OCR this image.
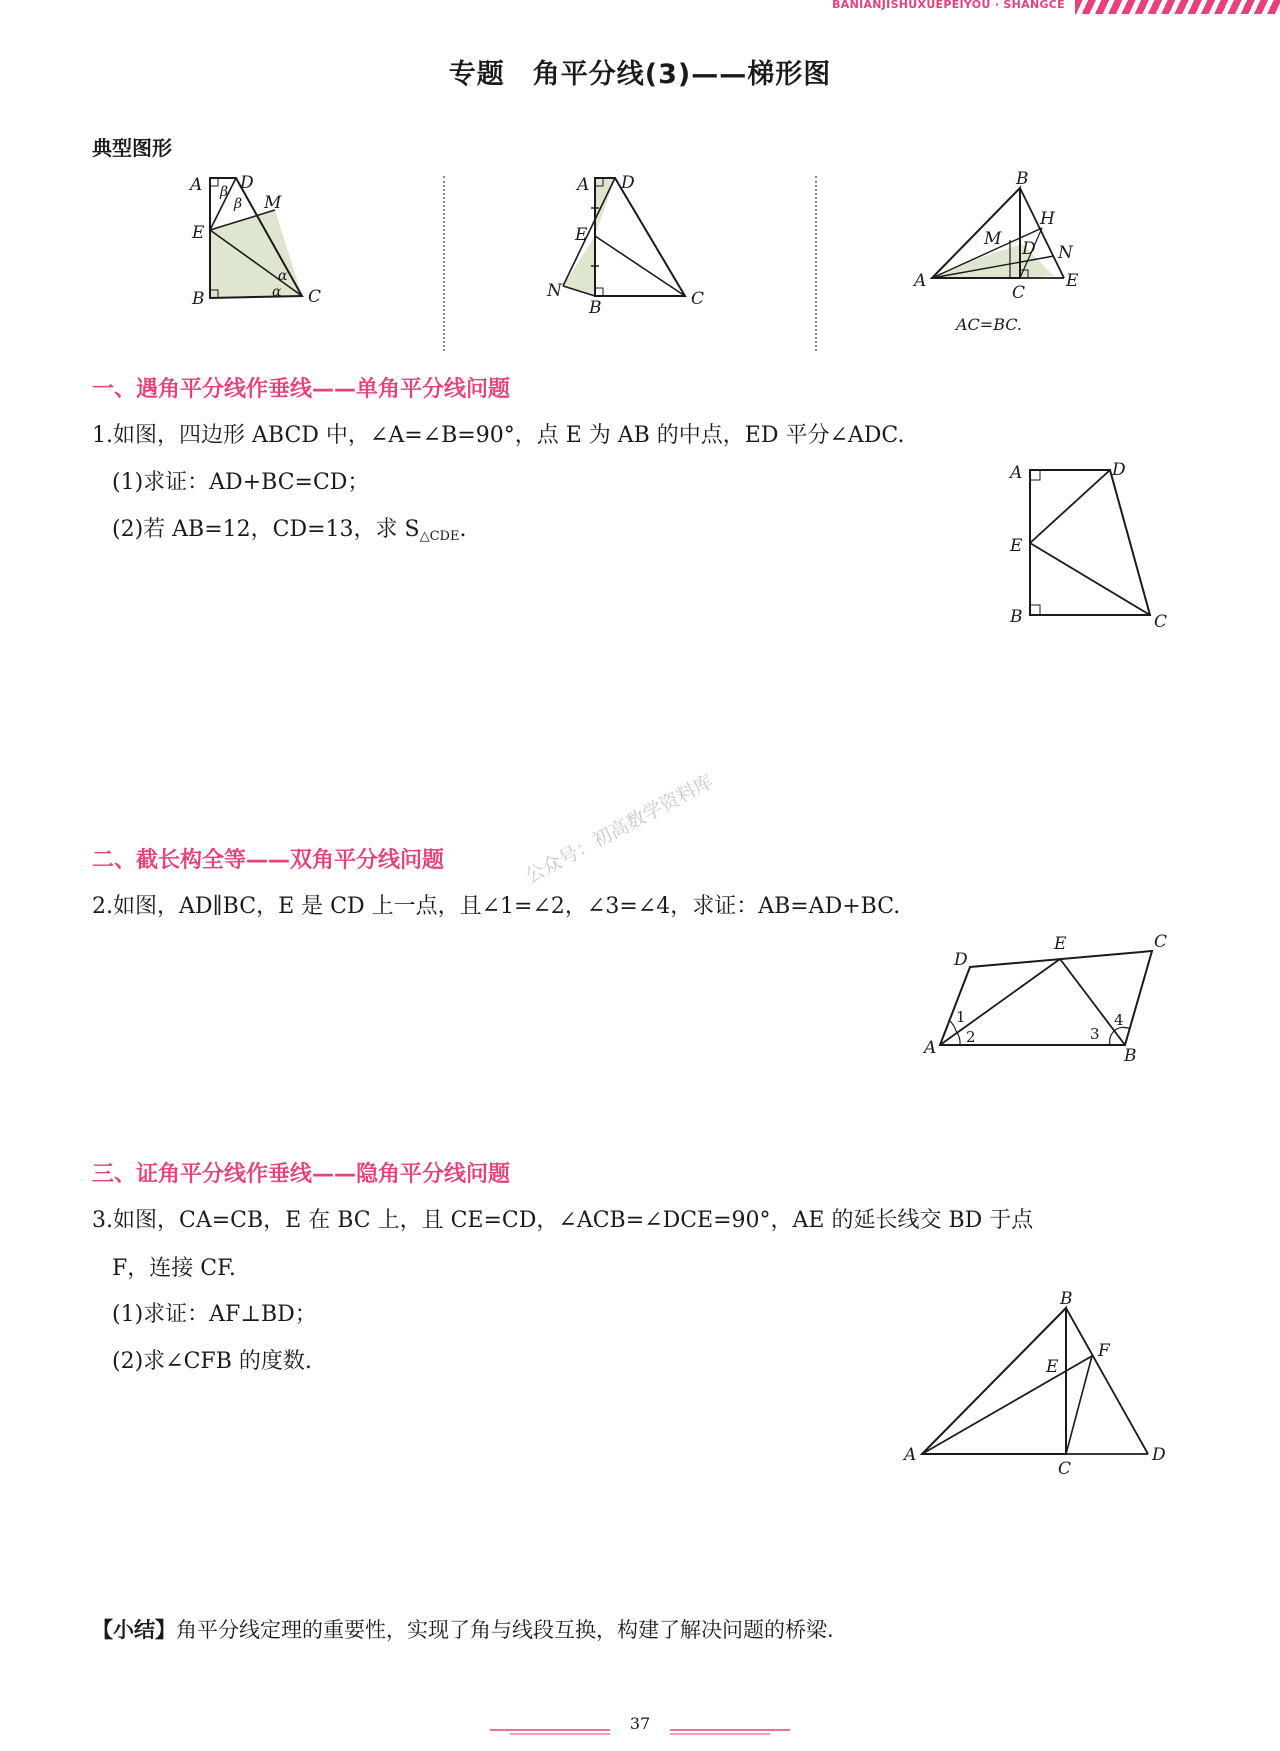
BANIANJISHUXUEPEIYOU · SHANGCE
专题　角平分线(3)——梯形图
典型图形
A D
M
E
B	C
β
β
α
α
A D
E
N
B	C
B
H
M D N
A
C
E
AC=BC.
一、遇角平分线作垂线——单角平分线问题
1.如图，四边形 ABCD 中，∠A=∠B=90°，点 E 为 AB 的中点，ED 平分∠ADC.
(1)求证：AD+BC=CD；
(2)若 AB=12，CD=13，求 $S_{\triangle CDE}$.
A	D
E
B	C
二、截长构全等——双角平分线问题
2.如图，AD∥BC，E 是 CD 上一点，且∠1=∠2，∠3=∠4，求证：AB=AD+BC.
D
E	C
A	B
1
2	3
4
三、证角平分线作垂线——隐角平分线问题
3.如图，CA=CB，E 在 BC 上，且 CE=CD，∠ACB=∠DCE=90°，AE 的延长线交 BD 于点
F，连接 CF.
(1)求证：AF⊥BD；
(2)求∠CFB 的度数.
B
E
F
A
C
D
公众号：初高数学资料库
【小结】角平分线定理的重要性，实现了角与线段互换，构建了解决问题的桥梁.
37
